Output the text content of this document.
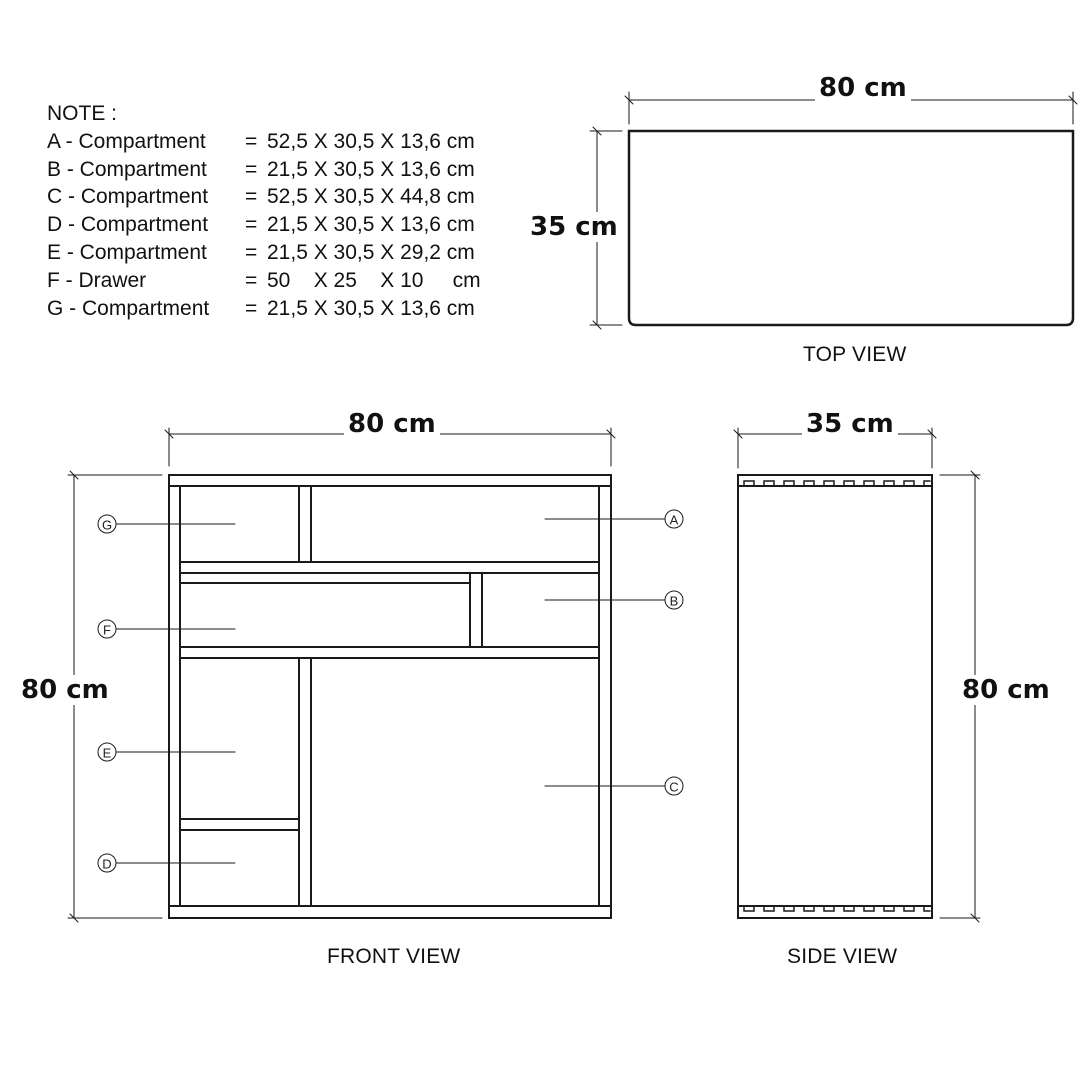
NOTE :
A - Compartment	= 52,5 X 30,5 X 13,6 cm
B - Compartment	= 21,5 X 30,5 X 13,6 cm
C - Compartment	= 52,5 X 30,5 X 44,8 cm
D - Compartment	= 21,5 X 30,5 X 13,6 cm
E - Compartment	= 21,5 X 30,5 X 29,2 cm
F - Drawer	= 50    X 25    X 10     cm
G - Compartment	= 21,5 X 30,5 X 13,6 cm
G
F
E
D
A
B
C
80 cm
35 cm
TOP VIEW
80 cm
80 cm
FRONT VIEW
35 cm
80 cm
SIDE VIEW
